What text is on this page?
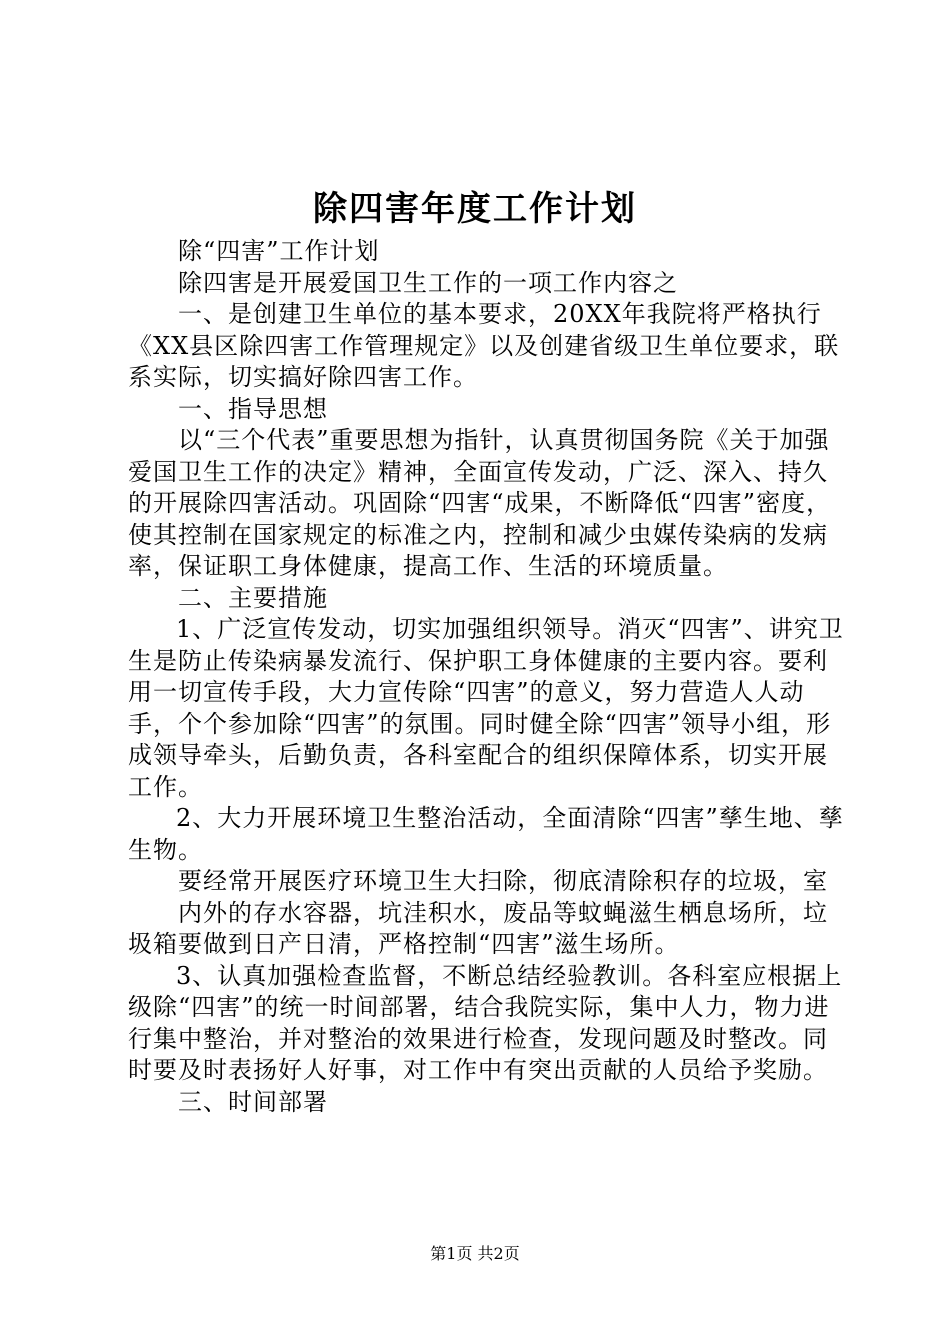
除四害年度工作计划

除“四害”工作计划

除四害是开展爱国卫生工作的一项工作内容之

一、是创建卫生单位的基本要求，20XX年我院将严格执行《XX县区除四害工作管理规定》以及创建省级卫生单位要求，联系实际，切实搞好除四害工作。

一、指导思想

以“三个代表”重要思想为指针，认真贯彻国务院《关于加强爱国卫生工作的决定》精神，全面宣传发动，广泛、深入、持久的开展除四害活动。巩固除“四害“成果，不断降低“四害”密度，使其控制在国家规定的标准之内，控制和减少虫媒传染病的发病率，保证职工身体健康，提高工作、生活的环境质量。

二、主要措施

1、广泛宣传发动，切实加强组织领导。消灭“四害”、讲究卫生是防止传染病暴发流行、保护职工身体健康的主要内容。要利用一切宣传手段，大力宣传除“四害”的意义，努力营造人人动手，个个参加除“四害”的氛围。同时健全除“四害”领导小组，形成领导牵头，后勤负责，各科室配合的组织保障体系，切实开展工作。

2、大力开展环境卫生整治活动，全面清除“四害”孳生地、孳生物。

要经常开展医疗环境卫生大扫除，彻底清除积存的垃圾，室

内外的存水容器，坑洼积水，废品等蚊蝇滋生栖息场所，垃圾箱要做到日产日清，严格控制“四害”滋生场所。

3、认真加强检查监督，不断总结经验教训。各科室应根据上级除“四害”的统一时间部署，结合我院实际，集中人力，物力进行集中整治，并对整治的效果进行检查，发现问题及时整改。同时要及时表扬好人好事，对工作中有突出贡献的人员给予奖励。

三、时间部署

第1页 共2页
